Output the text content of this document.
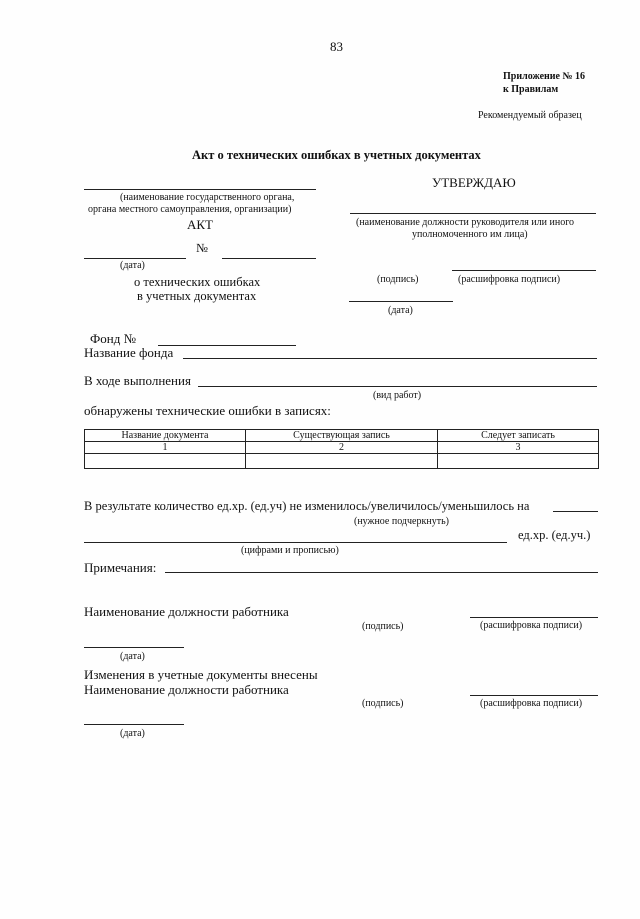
83
Приложение № 16
к Правилам
Рекомендуемый образец
Акт о технических ошибках в учетных документах
(наименование государственного органа,
органа местного самоуправления, организации)
АКТ
№
(дата)
о технических ошибках
в учетных документах
УТВЕРЖДАЮ
(наименование должности руководителя или иного
уполномоченного им лица)
(подпись)	(расшифровка подписи)
(дата)
Фонд №
Название фонда
В ходе выполнения
(вид работ)
обнаружены технические ошибки в записях:
Название документа	Существующая запись	Следует записать
1	2	3

В результате количество ед.хр. (ед.уч) не изменилось/увеличилось/уменьшилось на
(нужное подчеркнуть)
ед.хр. (ед.уч.)
(цифрами и прописью)
Примечания:
Наименование должности работника
(подпись)	(расшифровка подписи)
(дата)
Изменения в учетные документы внесены
Наименование должности работника
(подпись)	(расшифровка подписи)
(дата)
